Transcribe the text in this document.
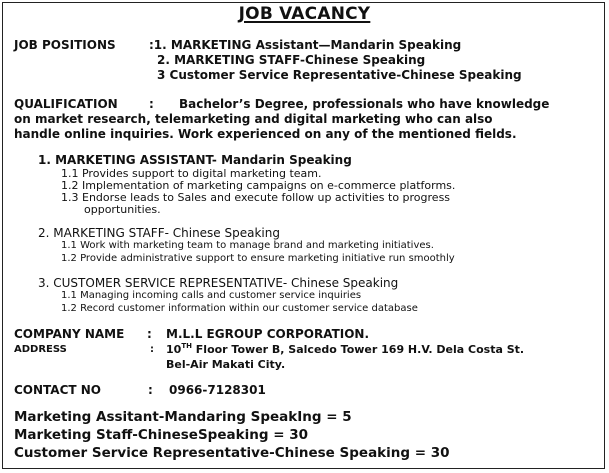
JOB VACANCY
JOB POSITIONS	:1. MARKETING Assistant—Mandarin Speaking
2. MARKETING STAFF-Chinese Speaking
3 Customer Service Representative-Chinese Speaking
QUALIFICATION	: Bachelor’s Degree, professionals who have knowledge
on market research, telemarketing and digital marketing who can also
handle online inquiries. Work experienced on any of the mentioned fields.
1. MARKETING ASSISTANT- Mandarin Speaking
1.1 Provides support to digital marketing team.
1.2 Implementation of marketing campaigns on e-commerce platforms.
1.3 Endorse leads to Sales and execute follow up activities to progress
opportunities.
2. MARKETING STAFF- Chinese Speaking
1.1 Work with marketing team to manage brand and marketing initiatives.
1.2 Provide administrative support to ensure marketing initiative run smoothly
3. CUSTOMER SERVICE REPRESENTATIVE- Chinese Speaking
1.1 Managing incoming calls and customer service inquiries
1.2 Record customer information within our customer service database
COMPANY NAME : M.L.L EGROUP CORPORATION.
ADDRESS	: 10TH Floor Tower B, Salcedo Tower 169 H.V. Dela Costa St.
Bel-Air Makati City.
CONTACT NO	: 0966-7128301
Marketing Assitant-Mandaring SpeakIng = 5
Marketing Staff-ChineseSpeaking = 30
Customer Service Representative-Chinese Speaking = 30
